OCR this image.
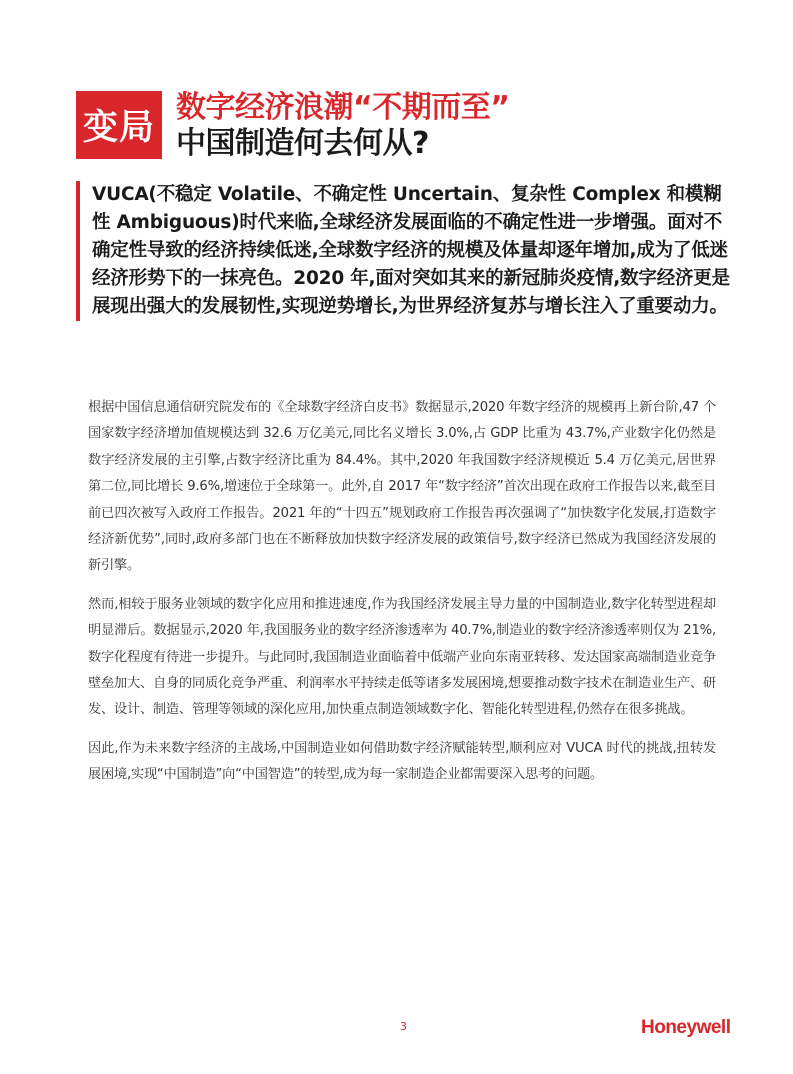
变局
数字经济浪潮“不期而至”
中国制造何去何从?

VUCA(不稳定 Volatile、不确定性 Uncertain、复杂性 Complex 和模糊性 Ambiguous)时代来临,全球经济发展面临的不确定性进一步增强。面对不确定性导致的经济持续低迷,全球数字经济的规模及体量却逐年增加,成为了低迷经济形势下的一抹亮色。2020 年,面对突如其来的新冠肺炎疫情,数字经济更是展现出强大的发展韧性,实现逆势增长,为世界经济复苏与增长注入了重要动力。

根据中国信息通信研究院发布的《全球数字经济白皮书》数据显示,2020 年数字经济的规模再上新台阶,47 个国家数字经济增加值规模达到 32.6 万亿美元,同比名义增长 3.0%,占 GDP 比重为 43.7%,产业数字化仍然是数字经济发展的主引擎,占数字经济比重为 84.4%。其中,2020 年我国数字经济规模近 5.4 万亿美元,居世界第二位,同比增长 9.6%,增速位于全球第一。此外,自 2017 年“数字经济”首次出现在政府工作报告以来,截至目前已四次被写入政府工作报告。2021 年的“十四五”规划政府工作报告再次强调了“加快数字化发展,打造数字经济新优势”,同时,政府多部门也在不断释放加快数字经济发展的政策信号,数字经济已然成为我国经济发展的新引擎。

然而,相较于服务业领域的数字化应用和推进速度,作为我国经济发展主导力量的中国制造业,数字化转型进程却明显滞后。数据显示,2020 年,我国服务业的数字经济渗透率为 40.7%,制造业的数字经济渗透率则仅为 21%,数字化程度有待进一步提升。与此同时,我国制造业面临着中低端产业向东南亚转移、发达国家高端制造业竞争壁垒加大、自身的同质化竞争严重、利润率水平持续走低等诸多发展困境,想要推动数字技术在制造业生产、研发、设计、制造、管理等领域的深化应用,加快重点制造领域数字化、智能化转型进程,仍然存在很多挑战。

因此,作为未来数字经济的主战场,中国制造业如何借助数字经济赋能转型,顺利应对 VUCA 时代的挑战,扭转发展困境,实现“中国制造”向“中国智造”的转型,成为每一家制造企业都需要深入思考的问题。

3	Honeywell
